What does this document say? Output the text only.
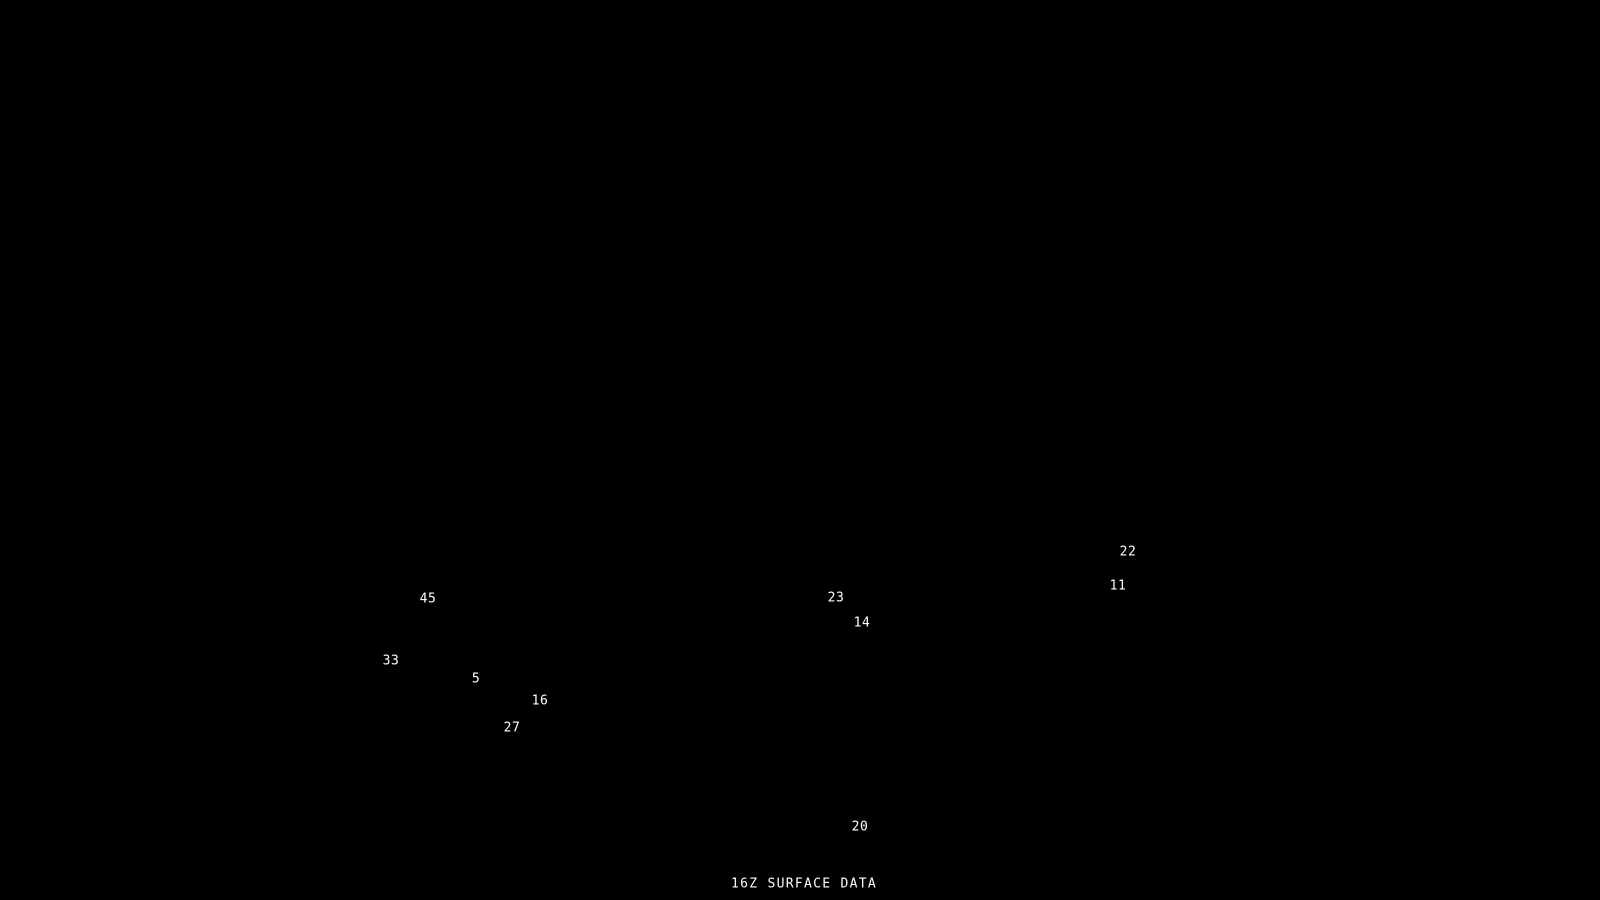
22
11
45	23
14
33
5
16
27
20
16Z SURFACE DATA
